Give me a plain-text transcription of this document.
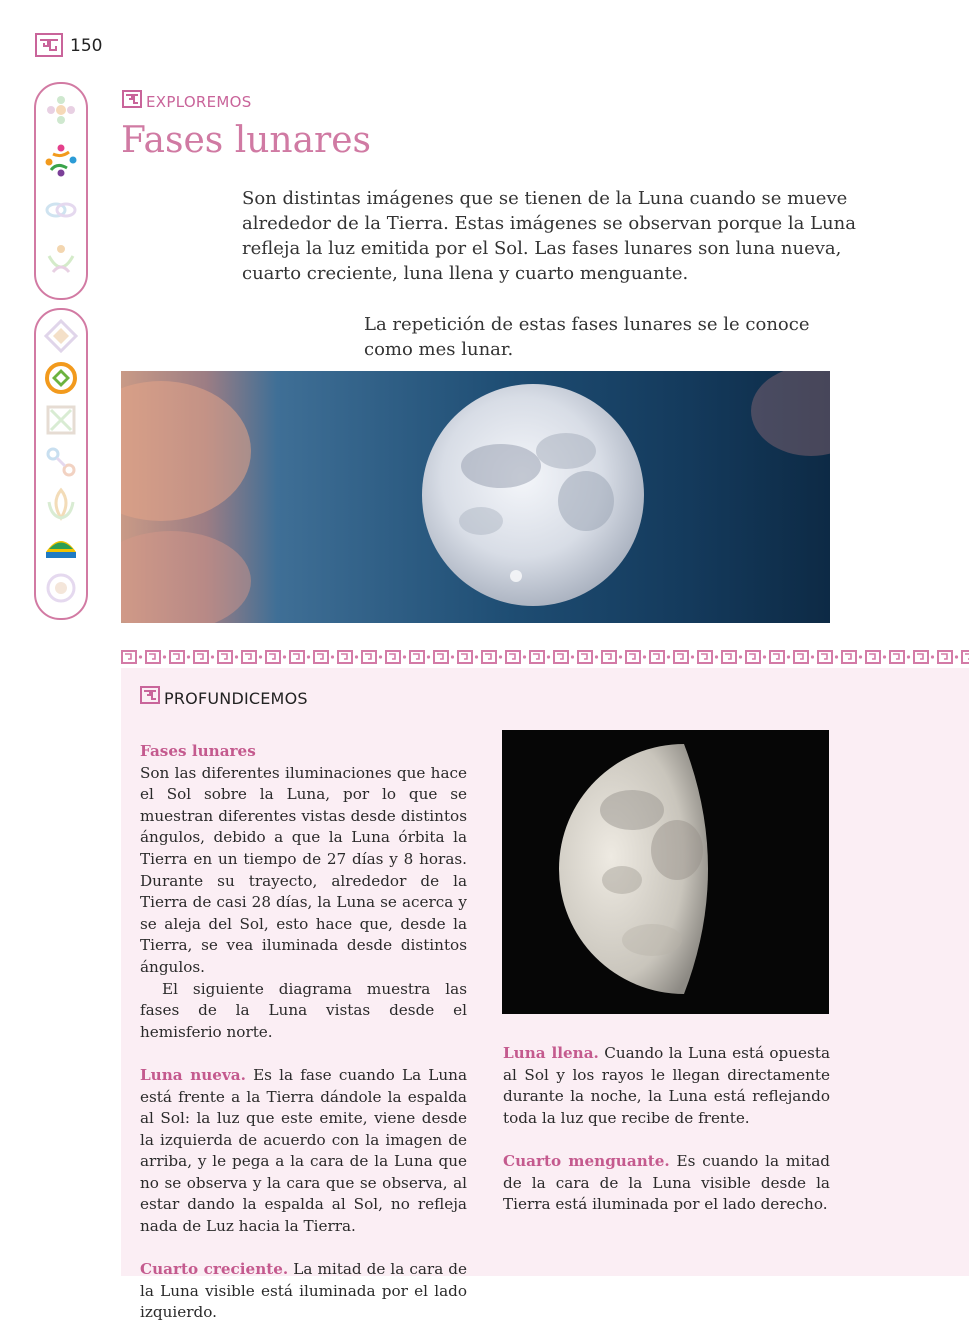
150
EXPLOREMOS
Fases lunares
Son distintas imágenes que se tienen de la Luna cuando se mueve alrededor de la Tierra. Estas imágenes se observan porque la Luna refleja la luz emitida por el Sol. Las fases lunares son luna nueva, cuarto creciente, luna llena y cuarto menguante.
La repetición de estas fases lunares se le conoce como mes lunar.
PROFUNDICEMOS

Fases lunares

Son las diferentes iluminaciones que hace el Sol sobre la Luna, por lo que se muestran diferentes vistas desde distintos ángulos, debido a que la Luna órbita la Tierra en un tiempo de 27 días y 8 horas. Durante su trayecto, alrededor de la Tierra de casi 28 días, la Luna se acerca y se aleja del Sol, esto hace que, desde la Tierra, se vea iluminada desde distintos ángulos.

El siguiente diagrama muestra las fases de la Luna vistas desde el hemisferio norte.

Luna nueva. Es la fase cuando La Luna está frente a la Tierra dándole la espalda al Sol: la luz que este emite, viene desde la izquierda de acuerdo con la imagen de arriba, y le pega a la cara de la Luna que no se observa y la cara que se observa, al estar dando la espalda al Sol, no refleja nada de Luz hacia la Tierra.

Cuarto creciente. La mitad de la cara de la Luna visible está iluminada por el lado izquierdo.

Luna llena. Cuando la Luna está opuesta al Sol y los rayos le llegan directamente durante la noche, la Luna está reflejando toda la luz que recibe de frente.

Cuarto menguante. Es cuando la mitad de la cara de la Luna visible desde la Tierra está iluminada por el lado derecho.
